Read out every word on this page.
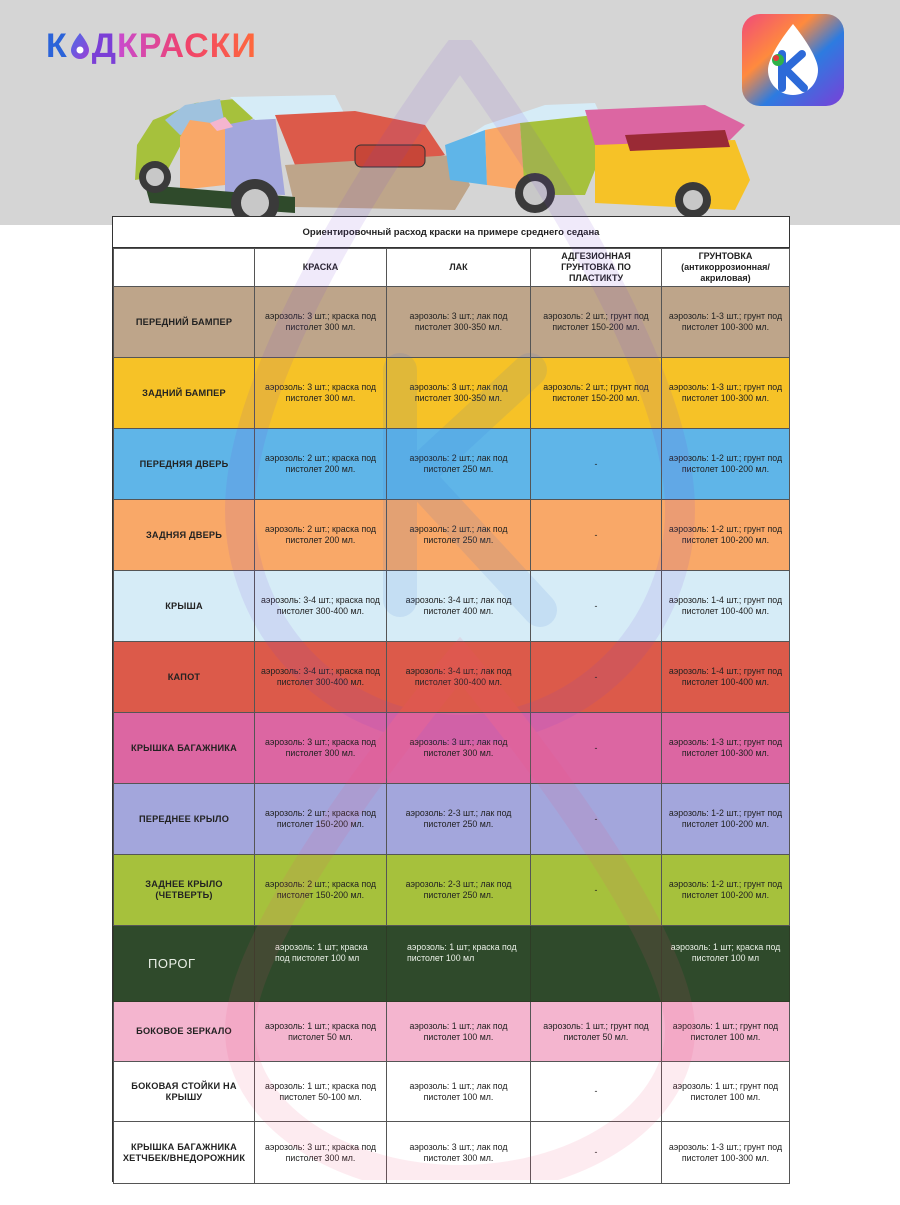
К Д КРАСКИ
Ориентировочный расход краски на примере среднего седана
	КРАСКА	ЛАК	АДГЕЗИОННАЯ ГРУНТОВКА ПО ПЛАСТИКТУ	ГРУНТОВКА (антикоррозионная/ акриловая)
ПЕРЕДНИЙ БАМПЕР	аэрозоль: 3 шт.; краска под пистолет 300 мл.	аэрозоль: 3 шт.; лак под пистолет 300-350 мл.	аэрозоль: 2 шт.; грунт под пистолет 150-200 мл.	аэрозоль: 1-3 шт.; грунт под пистолет 100-300 мл.
ЗАДНИЙ БАМПЕР	аэрозоль: 3 шт.; краска под пистолет 300 мл.	аэрозоль: 3 шт.; лак под пистолет 300-350 мл.	аэрозоль: 2 шт.; грунт под пистолет 150-200 мл.	аэрозоль: 1-3 шт.; грунт под пистолет 100-300 мл.
ПЕРЕДНЯЯ ДВЕРЬ	аэрозоль: 2 шт.; краска под пистолет 200 мл.	аэрозоль: 2 шт.; лак под пистолет 250 мл.	-	аэрозоль: 1-2 шт.; грунт под пистолет 100-200 мл.
ЗАДНЯЯ ДВЕРЬ	аэрозоль: 2 шт.; краска под пистолет 200 мл.	аэрозоль: 2 шт.; лак под пистолет 250 мл.	-	аэрозоль: 1-2 шт.; грунт под пистолет 100-200 мл.
КРЫША	аэрозоль: 3-4 шт.; краска под пистолет 300-400 мл.	аэрозоль: 3-4 шт.; лак под пистолет 400 мл.	-	аэрозоль: 1-4 шт.; грунт под пистолет 100-400 мл.
КАПОТ	аэрозоль: 3-4 шт.; краска под пистолет 300-400 мл.	аэрозоль: 3-4 шт.; лак под пистолет 300-400 мл.	-	аэрозоль: 1-4 шт.; грунт под пистолет 100-400 мл.
КРЫШКА БАГАЖНИКА	аэрозоль: 3 шт.; краска под пистолет 300 мл.	аэрозоль: 3 шт.; лак под пистолет 300 мл.	-	аэрозоль: 1-3 шт.; грунт под пистолет 100-300 мл.
ПЕРЕДНЕЕ КРЫЛО	аэрозоль: 2 шт.; краска под пистолет 150-200 мл.	аэрозоль: 2-3 шт.; лак под пистолет 250 мл.	-	аэрозоль: 1-2 шт.; грунт под пистолет 100-200 мл.
ЗАДНЕЕ КРЫЛО (ЧЕТВЕРТЬ)	аэрозоль: 2 шт.; краска под пистолет 150-200 мл.	аэрозоль: 2-3 шт.; лак под пистолет 250 мл.	-	аэрозоль: 1-2 шт.; грунт под пистолет 100-200 мл.
ПОРОГ	аэрозоль: 1 шт; краска под пистолет 100 мл	аэрозоль: 1 шт; краска под пистолет 100 мл		аэрозоль: 1 шт; краска под пистолет 100 мл
БОКОВОЕ ЗЕРКАЛО	аэрозоль: 1 шт.; краска под пистолет 50 мл.	аэрозоль: 1 шт.; лак под пистолет 100 мл.	аэрозоль: 1 шт.; грунт под пистолет 50 мл.	аэрозоль: 1 шт.; грунт под пистолет 100 мл.
БОКОВАЯ СТОЙКИ НА КРЫШУ	аэрозоль: 1 шт.; краска под пистолет 50-100 мл.	аэрозоль: 1 шт.; лак под пистолет 100 мл.	-	аэрозоль: 1 шт.; грунт под пистолет 100 мл.
КРЫШКА БАГАЖНИКА ХЕТЧБЕК/ВНЕДОРОЖНИК	аэрозоль: 3 шт.; краска под пистолет 300 мл.	аэрозоль: 3 шт.; лак под пистолет 300 мл.	-	аэрозоль: 1-3 шт.; грунт под пистолет 100-300 мл.
